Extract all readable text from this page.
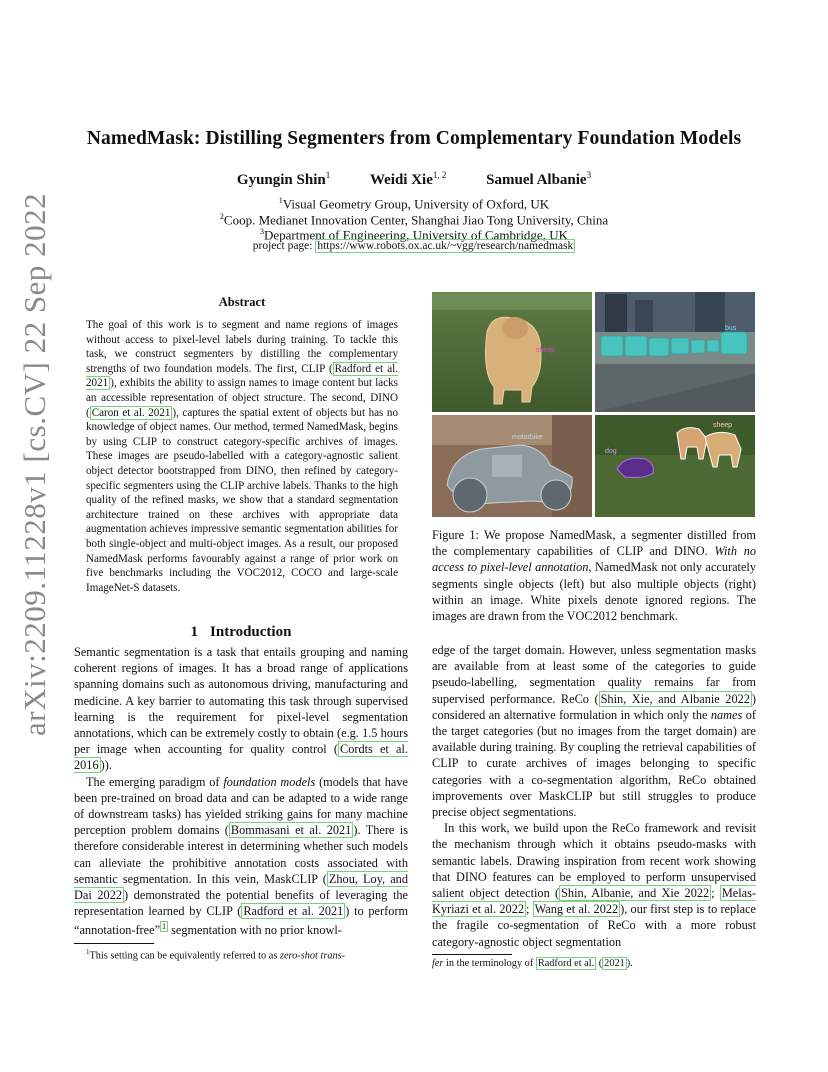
NamedMask: Distilling Segmenters from Complementary Foundation Models
Gyungin Shin$^1$	Weidi Xie$^{1, 2}$	Samuel Albanie$^3$
$^1$Visual Geometry Group, University of Oxford, UK
$^2$Coop. Medianet Innovation Center, Shanghai Jiao Tong University, China
$^3$Department of Engineering, University of Cambridge, UK
project page: https://www.robots.ox.ac.uk/~vgg/research/namedmask
arXiv:2209.11228v1 [cs.CV] 22 Sep 2022	Abstract
The goal of this work is to segment and name regions of images without access to pixel-level labels during training. To tackle this task, we construct segmenters by distilling the complementary strengths of two foundation models. The first, CLIP ( Radford et al. 2021 ), exhibits the ability to assign names to image content but lacks an accessible representation of object structure. The second, DINO ( Caron et al. 2021 ), captures the spatial extent of objects but has no knowledge of object names. Our method, termed NamedMask, begins by using CLIP to construct category-specific archives of images. These images are pseudo-labelled with a category-agnostic salient object detector bootstrapped from DINO, then refined by category-specific segmenters using the CLIP archive labels. Thanks to the high quality of the refined masks, we show that a standard segmentation architecture trained on these archives with appropriate data augmentation achieves impressive semantic segmentation abilities for both single-object and multi-object images. As a result, our proposed NamedMask performs favourably against a range of prior work on five benchmarks including the VOC2012, COCO and large-scale ImageNet-S datasets.
sheep
bus
motorbike
dog
sheep
Figure 1: We propose NamedMask, a segmenter distilled from the complementary capabilities of CLIP and DINO. With no access to pixel-level annotation, NamedMask not only accurately segments single objects (left) but also multiple objects (right) within an image. White pixels denote ignored regions. The images are drawn from the VOC2012 benchmark.
1 Introduction

Semantic segmentation is a task that entails grouping and naming coherent regions of images. It has a broad range of applications spanning domains such as autonomous driving, manufacturing and medicine. A key barrier to automating this task through supervised learning is the requirement for pixel-level segmentation annotations, which can be extremely costly to obtain (e.g. 1.5 hours per image when accounting for quality control ( Cordts et al. 2016 )).

The emerging paradigm of foundation models (models that have been pre-trained on broad data and can be adapted to a wide range of downstream tasks) has yielded striking gains for many machine perception problem domains ( Bommasani et al. 2021 ). There is therefore considerable interest in determining whether such models can alleviate the prohibitive annotation costs associated with semantic segmentation. In this vein, MaskCLIP ( Zhou, Loy, and Dai 2022 ) demonstrated the potential benefits of leveraging the representation learned by CLIP ( Radford et al. 2021 ) to perform “annotation-free” $^1$ segmentation with no prior knowl-

$^1$This setting can be equivalently referred to as zero-shot trans-

edge of the target domain. However, unless segmentation masks are available from at least some of the categories to guide pseudo-labelling, segmentation quality remains far from supervised performance. ReCo ( Shin, Xie, and Albanie 2022 ) considered an alternative formulation in which only the names of the target categories (but no images from the target domain) are available during training. By coupling the retrieval capabilities of CLIP to curate archives of images belonging to specific categories with a co-segmentation algorithm, ReCo obtained improvements over MaskCLIP but still struggles to produce precise object segmentations.

In this work, we build upon the ReCo framework and revisit the mechanism through which it obtains pseudo-masks with semantic labels. Drawing inspiration from recent work showing that DINO features can be employed to perform unsupervised salient object detection ( Shin, Albanie, and Xie 2022 ; Melas-Kyriazi et al. 2022 ; Wang et al. 2022 ), our first step is to replace the fragile co-segmentation of ReCo with a more robust category-agnostic object segmentation

fer in the terminology of Radford et al. ( 2021 ).
